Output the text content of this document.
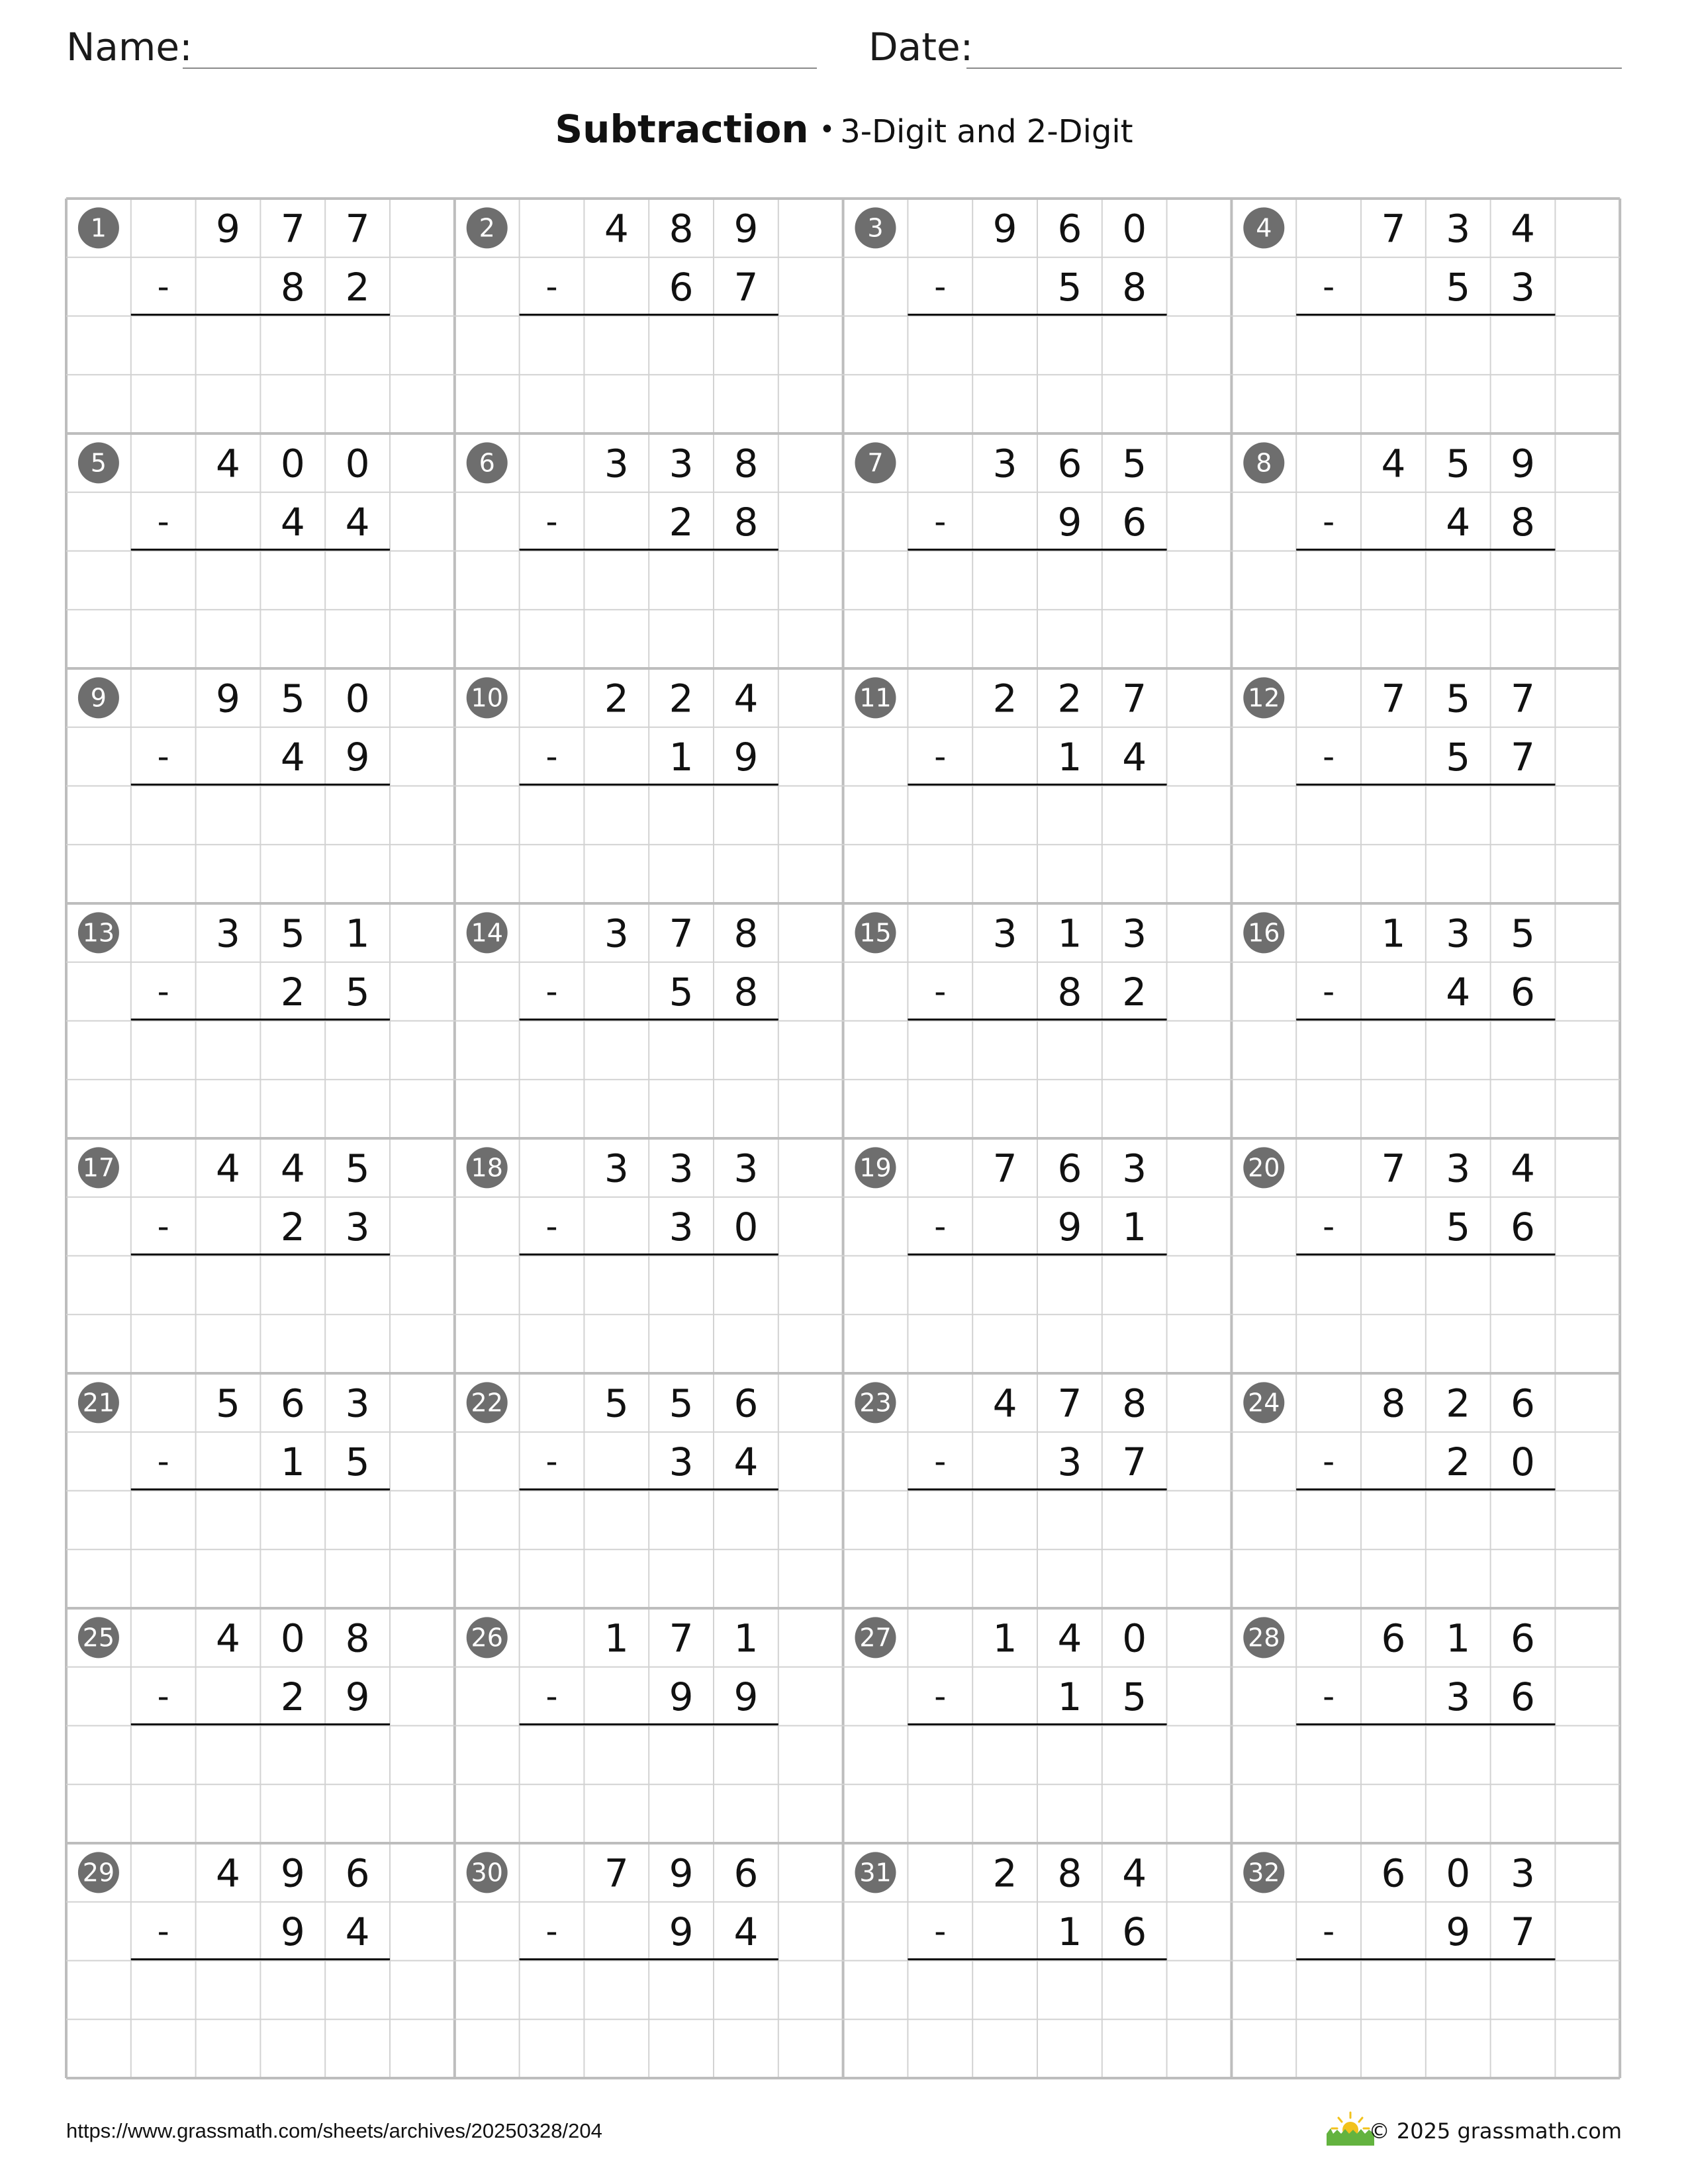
Name:	Date:
Subtraction • 3-Digit and 2-Digit
1	9 7 7
-	8 2
2	4 8 9
-	6 7
3	9 6 0
-	5 8
4	7 3 4
-	5 3
5	4 0 0
-	4 4
6	3 3 8
-	2 8
7	3 6 5
-	9 6
8	4 5 9
-	4 8
9	9 5 0
-	4 9
10	2 2 4
-	1 9
11	2 2 7
-	1 4
12	7 5 7
-	5 7
13	3 5 1
-	2 5
14	3 7 8
-	5 8
15	3 1 3
-	8 2
16	1 3 5
-	4 6
17	4 4 5
-	2 3
18	3 3 3
-	3 0
19	7 6 3
-	9 1
20	7 3 4
-	5 6
21	5 6 3
-	1 5
22	5 5 6
-	3 4
23	4 7 8
-	3 7
24	8 2 6
-	2 0
25	4 0 8
-	2 9
26	1 7 1
-	9 9
27	1 4 0
-	1 5
28	6 1 6
-	3 6
29	4 9 6
-	9 4
30	7 9 6
-	9 4
31	2 8 4
-	1 6
32	6 0 3
-	9 7
https://www.grassmath.com/sheets/archives/20250328/204	© 2025 grassmath.com
